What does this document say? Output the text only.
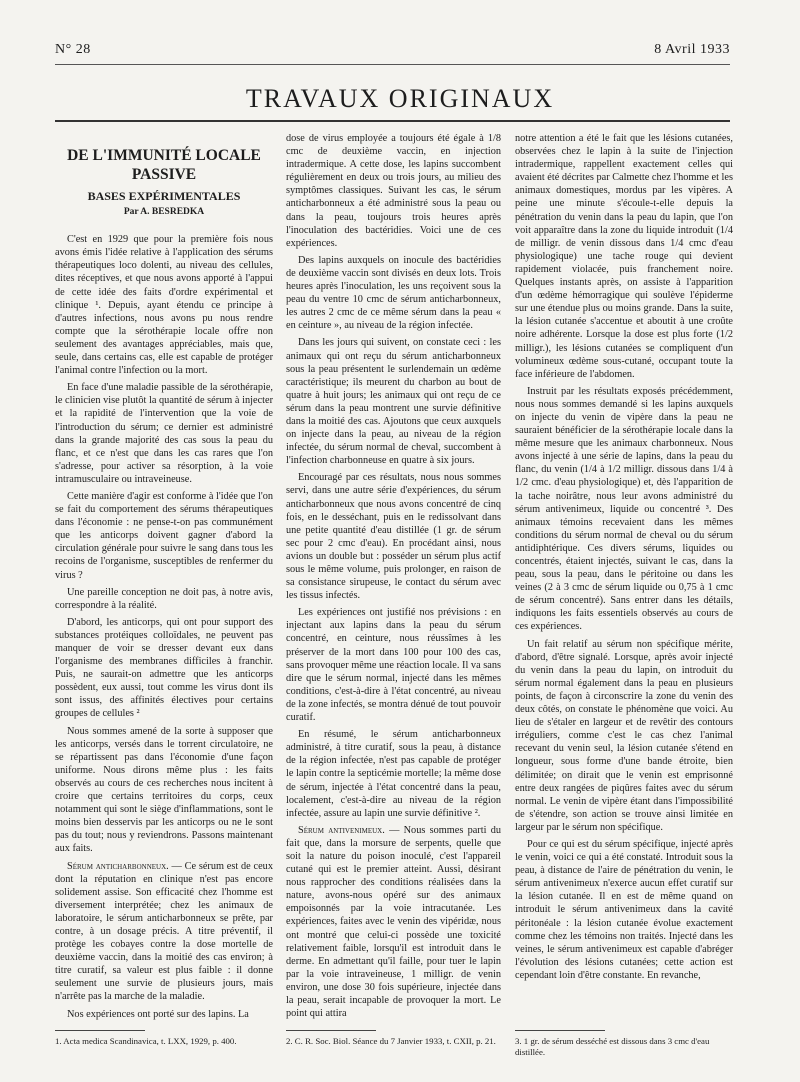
N° 28	8 Avril 1933
TRAVAUX ORIGINAUX
DE L'IMMUNITÉ LOCALE
PASSIVE
BASES EXPÉRIMENTALES
Par A. BESREDKA

C'est en 1929 que pour la première fois nous avons émis l'idée relative à l'application des sérums thérapeutiques loco dolenti, au niveau des cellules, dites réceptives, et que nous avons apporté à l'appui de cette idée des faits d'ordre expérimental et clinique ¹. Depuis, ayant étendu ce principe à d'autres infections, nous avons pu nous rendre compte que la sérothérapie locale offre non seulement des avantages appréciables, mais que, seule, dans certains cas, elle est capable de protéger l'animal contre l'infection ou la mort.

En face d'une maladie passible de la sérothérapie, le clinicien vise plutôt la quantité de sérum à injecter et la rapidité de l'intervention que la voie de l'introduction du sérum; ce dernier est administré dans la grande majorité des cas sous la peau du flanc, et ce n'est que dans les cas rares que l'on s'adresse, pour activer sa résorption, à la voie intramusculaire ou intraveineuse.

Cette manière d'agir est conforme à l'idée que l'on se fait du comportement des sérums thérapeutiques dans l'économie : ne pense-t-on pas communément que les anticorps doivent gagner d'abord la circulation générale pour suivre le sang dans tous les recoins de l'organisme, susceptibles de renfermer du virus ?

Une pareille conception ne doit pas, à notre avis, correspondre à la réalité.

D'abord, les anticorps, qui ont pour support des substances protéiques colloïdales, ne peuvent pas manquer de voir se dresser devant eux dans l'organisme des membranes difficiles à franchir. Puis, ne saurait-on admettre que les anticorps possèdent, eux aussi, tout comme les virus dont ils sont issus, des affinités électives pour certains groupes de cellules ²

Nous sommes amené de la sorte à supposer que les anticorps, versés dans le torrent circulatoire, ne se répartissent pas dans l'économie d'une façon uniforme. Nous dirons même plus : les faits observés au cours de ces recherches nous incitent à croire que certains territoires du corps, ceux notamment qui sont le siège d'inflammations, sont le moins bien desservis par les anticorps ou ne le sont pas du tout; nous y reviendrons. Passons maintenant aux faits.

Sérum anticharbonneux. — Ce sérum est de ceux dont la réputation en clinique n'est pas encore solidement assise. Son efficacité chez l'homme est diversement interprétée; chez les animaux de laboratoire, le sérum anticharbonneux se prête, par contre, à un dosage précis. A titre préventif, il protège les cobayes contre la dose mortelle de deuxième vaccin, dans la moitié des cas environ; à titre curatif, sa valeur est plus faible : il donne seulement une survie de plusieurs jours, mais n'arrête pas la marche de la maladie.

Nos expériences ont porté sur des lapins. La

dose de virus employée a toujours été égale à 1/8 cmc de deuxième vaccin, en injection intradermique. A cette dose, les lapins succombent régulièrement en deux ou trois jours, au milieu des symptômes classiques. Suivant les cas, le sérum anticharbonneux a été administré sous la peau ou dans la peau, toujours trois heures après l'inoculation des bactéridies. Voici une de ces expériences.

Des lapins auxquels on inocule des bactéridies de deuxième vaccin sont divisés en deux lots. Trois heures après l'inoculation, les uns reçoivent sous la peau du ventre 10 cmc de sérum anticharbonneux, les autres 2 cmc de ce même sérum dans la peau « en ceinture », au niveau de la région infectée.

Dans les jours qui suivent, on constate ceci : les animaux qui ont reçu du sérum anticharbonneux sous la peau présentent le surlendemain un œdème caractéristique; ils meurent du charbon au bout de quatre à huit jours; les animaux qui ont reçu de ce sérum dans la peau montrent une survie définitive dans la moitié des cas. Ajoutons que ceux auxquels on injecte dans la peau, au niveau de la région infectée, du sérum normal de cheval, succombent à l'infection charbonneuse en quatre à six jours.

Encouragé par ces résultats, nous nous sommes servi, dans une autre série d'expériences, du sérum anticharbonneux que nous avons concentré de cinq fois, en le desséchant, puis en le redissolvant dans une petite quantité d'eau distillée (1 gr. de sérum sec pour 2 cmc d'eau). En procédant ainsi, nous avions un double but : posséder un sérum plus actif sous le même volume, puis prolonger, en raison de sa consistance sirupeuse, le contact du sérum avec les tissus infectés.

Les expériences ont justifié nos prévisions : en injectant aux lapins dans la peau du sérum concentré, en ceinture, nous réussîmes à les préserver de la mort dans 100 pour 100 des cas, sans provoquer même une réaction locale. Il va sans dire que le sérum normal, injecté dans les mêmes conditions, c'est-à-dire à l'état concentré, au niveau de la zone infectés, se montra dénué de tout pouvoir curatif.

En résumé, le sérum anticharbonneux administré, à titre curatif, sous la peau, à distance de la région infectée, n'est pas capable de protéger le lapin contre la septicémie mortelle; la même dose de sérum, injectée à l'état concentré dans la peau, localement, c'est-à-dire au niveau de la région infectée, assure au lapin une survie définitive ².

Sérum antivenimeux. — Nous sommes parti du fait que, dans la morsure de serpents, quelle que soit la nature du poison inoculé, c'est l'appareil cutané qui est le premier atteint. Aussi, désirant nous rapprocher des conditions réalisées dans la nature, avons-nous opéré sur des animaux empoisonnés par la voie intracutanée. Les expériences, faites avec le venin des vipéridæ, nous ont montré que celui-ci possède une toxicité relativement faible, lorsqu'il est introduit dans le derme. En admettant qu'il faille, pour tuer le lapin par la voie intraveineuse, 1 milligr. de venin environ, une dose 30 fois supérieure, injectée dans la peau, serait incapable de provoquer la mort. Le point qui attira

notre attention a été le fait que les lésions cutanées, observées chez le lapin à la suite de l'injection intradermique, rappellent exactement celles qui avaient été décrites par Calmette chez l'homme et les animaux domestiques, mordus par les vipères. A peine une minute s'écoule-t-elle depuis la pénétration du venin dans la peau du lapin, que l'on voit apparaître dans la zone du liquide introduit (1/4 de milligr. de venin dissous dans 1/4 cmc d'eau physiologique) une tache rouge qui devient rapidement violacée, puis franchement noire. Quelques instants après, on assiste à l'apparition d'un œdème hémorragique qui soulève l'épiderme sur une étendue plus ou moins grande. Dans la suite, la lésion cutanée s'accentue et aboutit à une croûte noire adhérente. Lorsque la dose est plus forte (1/2 milligr.), les lésions cutanées se compliquent d'un volumineux œdème sous-cutané, occupant toute la face inférieure de l'abdomen.

Instruit par les résultats exposés précédemment, nous nous sommes demandé si les lapins auxquels on injecte du venin de vipère dans la peau ne sauraient bénéficier de la sérothérapie locale dans la même mesure que les animaux charbonneux. Nous avons injecté à une série de lapins, dans la peau du flanc, du venin (1/4 à 1/2 milligr. dissous dans 1/4 à 1/2 cmc. d'eau physiologique) et, dès l'apparition de la tache noirâtre, nous leur avons administré du sérum antivenimeux, liquide ou concentré ³. Des animaux témoins recevaient dans les mêmes conditions du sérum normal de cheval ou du sérum antidiphtérique. Ces divers sérums, liquides ou concentrés, étaient injectés, suivant le cas, dans la peau, sous la peau, dans le péritoine ou dans les veines (2 à 3 cmc de sérum liquide ou 0,75 à 1 cmc de sérum concentré). Sans entrer dans les détails, indiquons les faits essentiels observés au cours de ces expériences.

Un fait relatif au sérum non spécifique mérite, d'abord, d'être signalé. Lorsque, après avoir injecté du venin dans la peau du lapin, on introduit du sérum normal également dans la peau en plusieurs points, de façon à circonscrire la zone du venin des deux côtés, on constate le phénomène que voici. Au lieu de s'étaler en largeur et de revêtir des contours irréguliers, comme c'est le cas chez l'animal recevant du venin seul, la lésion cutanée s'étend en longueur, sous forme d'une bande étroite, bien délimitée; on dirait que le venin est emprisonné entre deux rangées de piqûres faites avec du sérum normal. Le venin de vipère étant dans l'impossibilité de s'étendre, son action se trouve ainsi limitée en largeur par le sérum non spécifique.

Pour ce qui est du sérum spécifique, injecté après le venin, voici ce qui a été constaté. Introduit sous la peau, à distance de l'aire de pénétration du venin, le sérum antivenimeux n'exerce aucun effet curatif sur la lésion cutanée. Il en est de même quand on introduit le sérum antivenimeux dans la cavité péritonéale : la lésion cutanée évolue exactement comme chez les témoins non traités. Injecté dans les veines, le sérum antivenimeux est capable d'abréger l'évolution des lésions cutanées; cette action est cependant loin d'être constante. En revanche,

1. Acta medica Scandinavica, t. LXX, 1929, p. 400.	2. C. R. Soc. Biol. Séance du 7 Janvier 1933, t. CXII, p. 21.	3. 1 gr. de sérum desséché est dissous dans 3 cmc d'eau distillée.
